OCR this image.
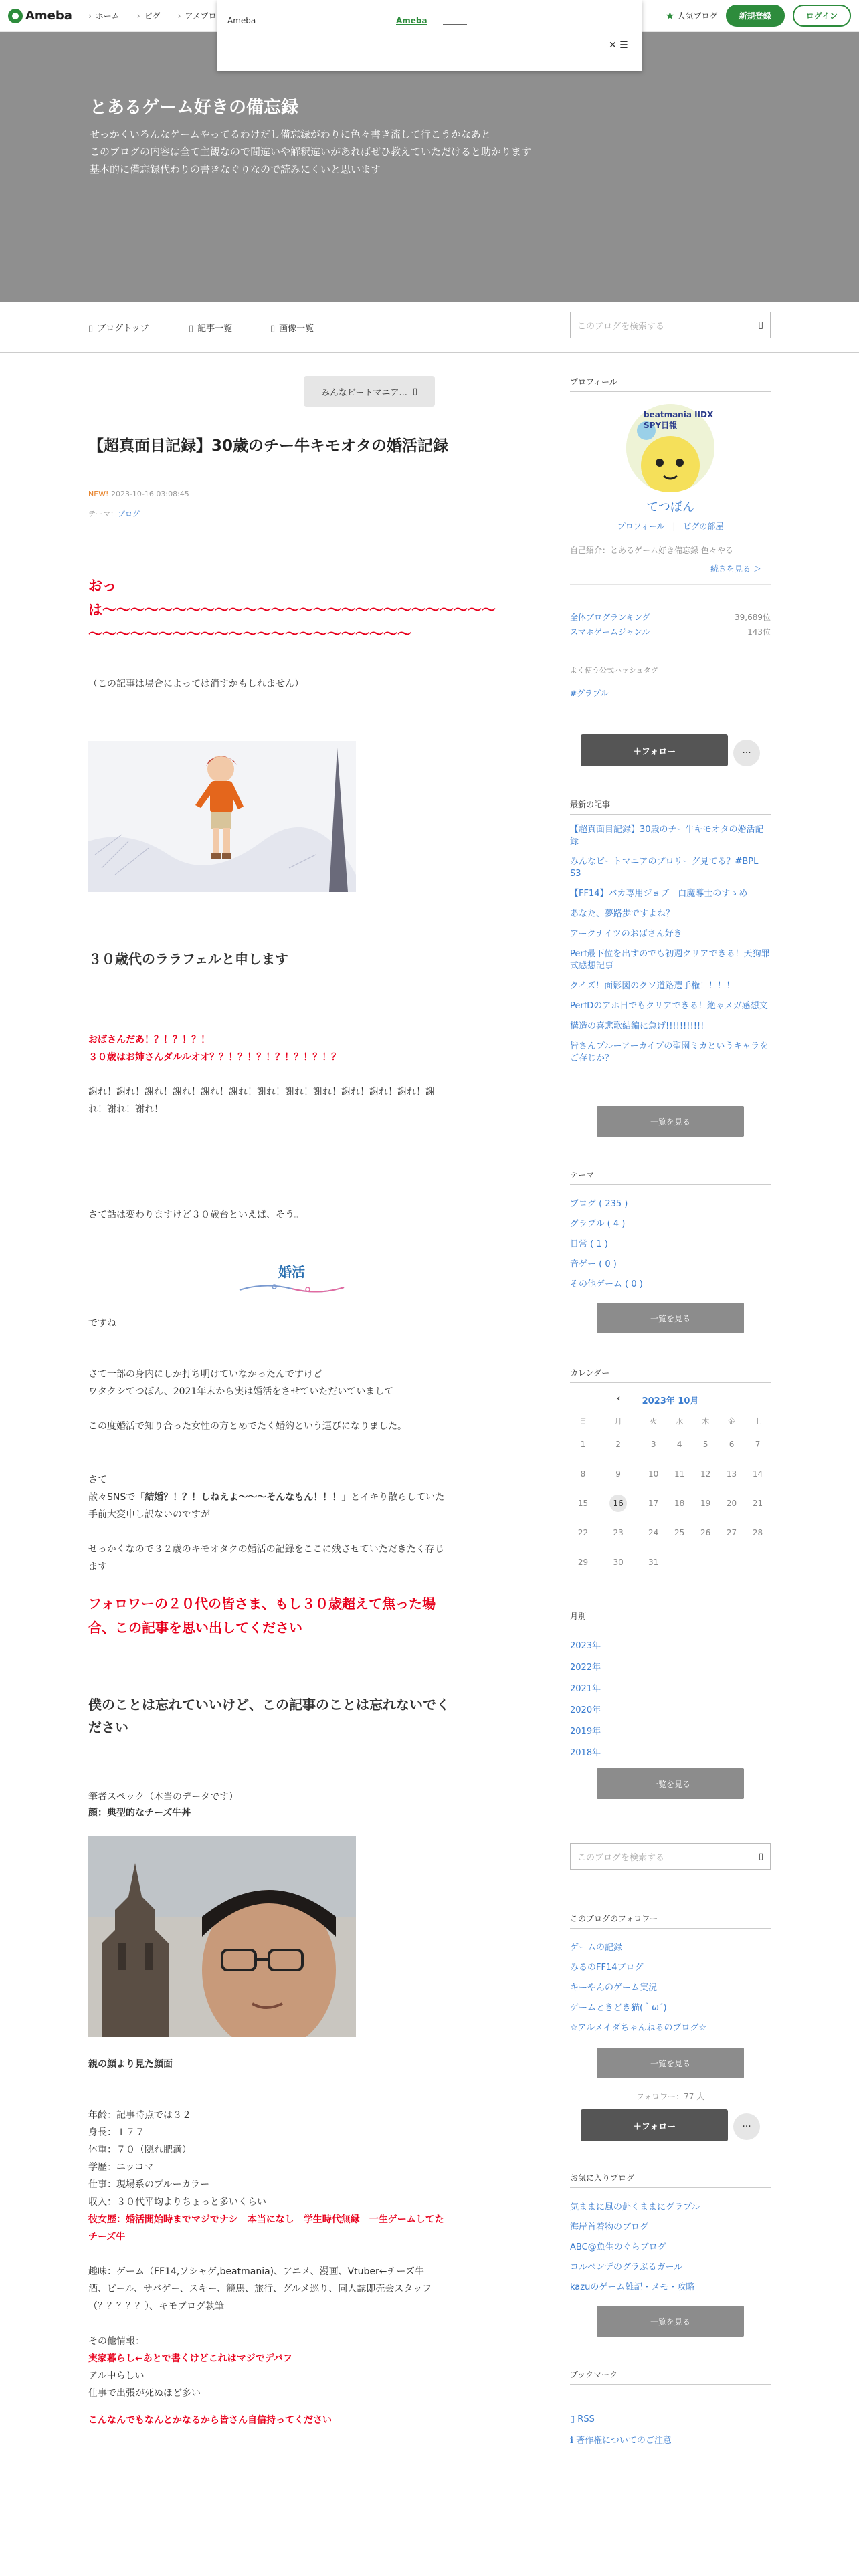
Ameba	› ホーム	› ピグ	› アメブロ	★ 人気ブログ	新規登録	ログイン
Ameba	Ameba
✕ ☰
とあるゲーム好きの備忘録
せっかくいろんなゲームやってるわけだし備忘録がわりに色々書き流して行こうかなあと
このブログの内容は全て主観なので間違いや解釈違いがあればぜひ教えていただけると助かります
基本的に備忘録代わりの書きなぐりなので読みにくいと思います
▯ ブログトップ	▯ 記事一覧	▯ 画像一覧	このブログを検索する	▯
みんなビートマニア... ▯
【超真面目記録】30歳のチー牛キモオタの婚活記録
NEW! 2023-10-16 03:08:45
テーマ：ブログ
おっは〜〜〜〜〜〜〜〜〜〜〜〜〜〜〜〜〜〜〜〜〜〜〜〜〜〜〜〜
〜〜〜〜〜〜〜〜〜〜〜〜〜〜〜〜〜〜〜〜〜〜〜
（この記事は場合によっては消すかもしれません）
３０歳代のララフェルと申します
おばさんだあ！？！？！？！
３０歳はお姉さんダルルオオ？？！？！？！？！？！？！？
謝れ！謝れ！謝れ！謝れ！謝れ！謝れ！謝れ！謝れ！謝れ！謝れ！謝れ！謝れ！謝
れ！謝れ！謝れ！
さて話は変わりますけど３０歳台といえば、そう。
婚活
ですね
さて一部の身内にしか打ち明けていなかったんですけど
ワタクシてつぼん、2021年末から実は婚活をさせていただいていまして
この度婚活で知り合った女性の方とめでたく婚約という運びになりました。
さて
散々SNSで「結婚？！？！しねえよ〜〜〜そんなもん！！！」とイキり散らしていた
手前大変申し訳ないのですが
せっかくなので３２歳のキモオタクの婚活の記録をここに残させていただきたく存じ
ます
フォロワーの２０代の皆さま、もし３０歳超えて焦った場
合、この記事を思い出してください
僕のことは忘れていいけど、この記事のことは忘れないでく
ださい
筆者スペック（本当のデータです）
顔：典型的なチーズ牛丼
親の顔より見た顔面
年齢：記事時点では３２
身長：１７７
体重：７０（隠れ肥満）
学歴：ニッコマ
仕事：現場系のブルーカラー
収入：３０代平均よりちょっと多いくらい
彼女歴：婚活開始時までマジでナシ　本当になし　学生時代無縁　一生ゲームしてた
チーズ牛
趣味：ゲーム（FF14,ソシャゲ,beatmania)、アニメ、漫画、Vtuber←チーズ牛
酒、ビール、サバゲー、スキー、競馬、旅行、グルメ巡り、同人誌即売会スタッフ
（？？？？？）、キモブログ執筆
その他情報：
実家暮らし←あとで書くけどこれはマジでデバフ
アル中らしい
仕事で出張が死ぬほど多い
こんなんでもなんとかなるから皆さん自信持ってください
プロフィール
beatmania IIDX SPY日報
てつぼん
プロフィール | ピグの部屋
自己紹介：とあるゲーム好き備忘録 色々やる
続きを見る ＞
全体ブログランキング	39,689位
スマホゲームジャンル	143位
よく使う公式ハッシュタグ
#グラブル
＋フォロー	···
最新の記事
【超真面目記録】30歳のチー牛キモオタの婚活記録
みんなビートマニアのプロリーグ見てる？#BPL S3
【FF14】バカ専用ジョブ　白魔導士のすゝめ
あなた、夢路歩ですよね？
アークナイツのおばさん好き
Perf最下位を出すのでも初週クリアできる！天狗罪式感想記事
クイズ！面影図のクソ道路選手権！！！！
PerfDのアホ日でもクリアできる！絶ゃメガ感想文
構造の喜悲歌結編に急げ!!!!!!!!!!!
皆さんブルーアーカイブの聖園ミカというキャラをご存じか？
一覧を見る
テーマ
ブログ ( 235 )
グラブル ( 4 )
日常 ( 1 )
音ゲー ( 0 )
その他ゲーム ( 0 )
一覧を見る
カレンダー
‹ 2023年 10月
日	月	火	水	木	金	土
1	2	3	4	5	6	7
8	9	10	11	12	13	14
15	16	17	18	19	20	21
22	23	24	25	26	27	28
29	30	31				
月別
2023年
2022年
2021年
2020年
2019年
2018年
一覧を見る
このブログを検索する	▯
このブログのフォロワー
ゲームの記録
みるのFF14ブログ
キーやんのゲーム実況
ゲームときどき猫(｀ω´)
☆アルメイダちゃんねるのブログ☆
一覧を見る
フォロワー：77 人
＋フォロー	···
お気に入りブログ
気ままに風の赴くままにグラブル
海岸首着物のブログ
ABC@魚生のぐらブログ
コルベンデのグラぶるガール
kazuのゲーム雑記・メモ・攻略
一覧を見る
ブックマーク
▯ RSS
ℹ 著作権についてのご注意
